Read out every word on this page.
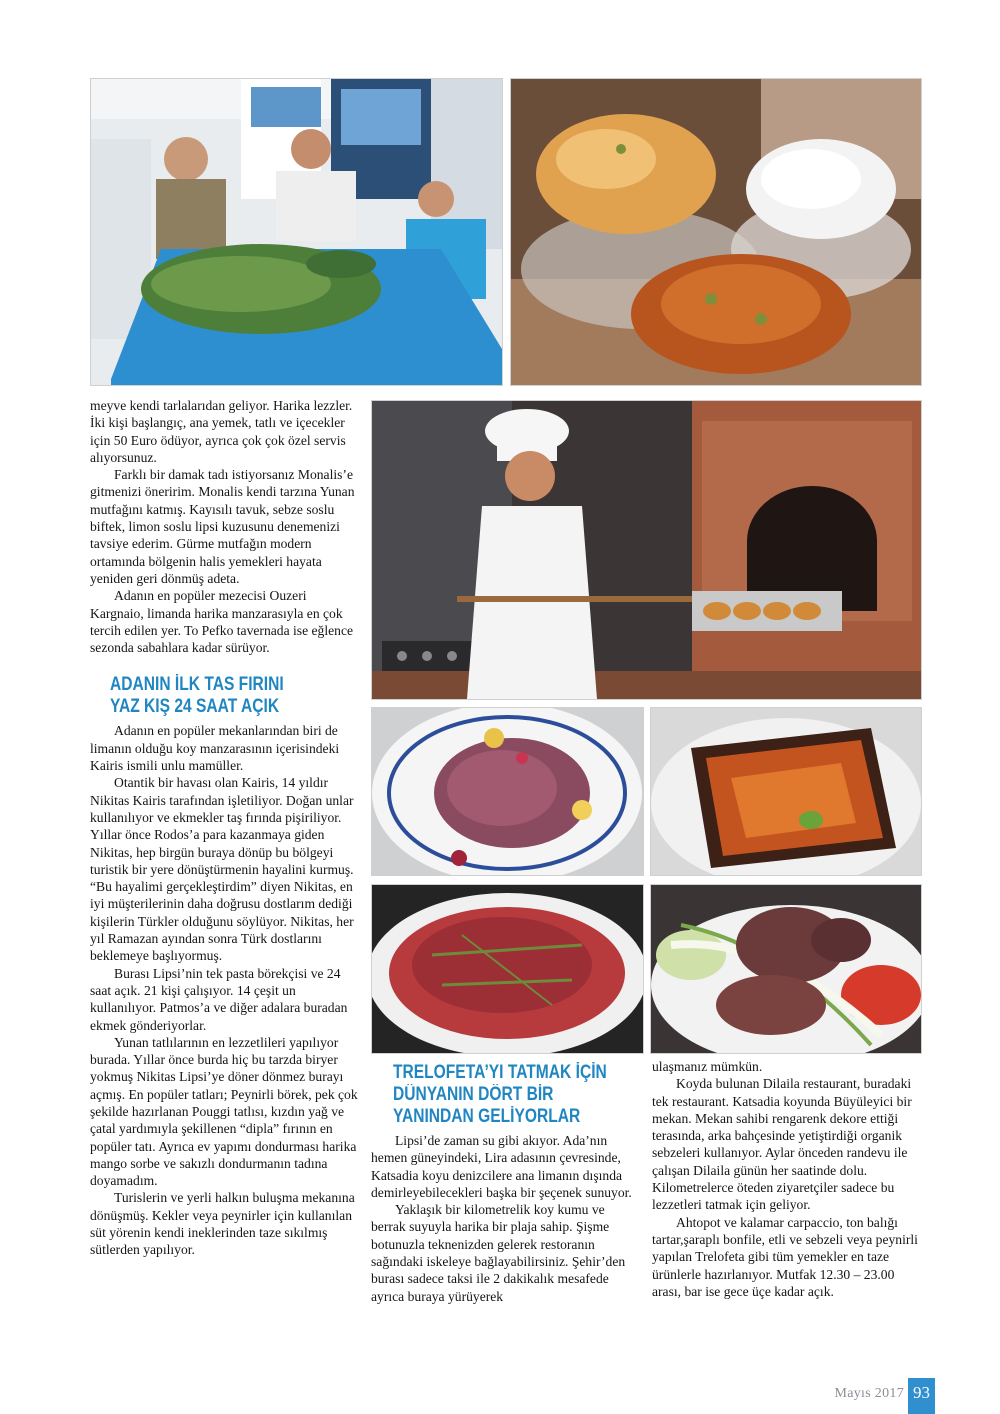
meyve kendi tarlalarıdan geliyor. Harika lezzler. İki kişi başlangıç, ana yemek, tatlı ve içecekler için 50 Euro ödüyor, ayrıca çok çok özel servis alıyorsunuz.

Farklı bir damak tadı istiyorsanız Monalis’e gitmenizi öneririm. Monalis kendi tarzına Yunan mutfağını katmış. Kayısılı tavuk, sebze soslu biftek, limon soslu lipsi kuzusunu denemenizi tavsiye ederim. Gürme mutfağın modern ortamında bölgenin halis yemekleri hayata yeniden geri dönmüş adeta.

Adanın en popüler mezecisi Ouzeri Kargnaio, limanda harika manzarasıyla en çok tercih edilen yer. To Pefko tavernada ise eğlence sezonda sabahlara kadar sürüyor.

ADANIN İLK TAS FIRINI

YAZ KIŞ 24 SAAT AÇIK

Adanın en popüler mekanlarından biri de limanın olduğu koy manzarasının içerisindeki Kairis ismili unlu mamüller.

Otantik bir havası olan Kairis, 14 yıldır Nikitas Kairis tarafından işletiliyor. Doğan unlar kullanılıyor ve ekmekler taş fırında pişiriliyor. Yıllar önce Rodos’a para kazanmaya giden Nikitas, hep birgün buraya dönüp bu bölgeyi turistik bir yere dönüştürmenin hayalini kurmuş. “Bu hayalimi gerçekleştirdim” diyen Nikitas, en iyi müşterilerinin daha doğrusu dostlarım dediği kişilerin Türkler olduğunu söylüyor. Nikitas, her yıl Ramazan ayından sonra Türk dostlarını beklemeye başlıyormuş.

Burası Lipsi’nin tek pasta börekçisi ve 24 saat açık. 21 kişi çalışıyor. 14 çeşit un kullanılıyor. Patmos’a ve diğer adalara buradan ekmek gönderiyorlar.

Yunan tatlılarının en lezzetlileri yapılıyor burada. Yıllar önce burda hiç bu tarzda biryer yokmuş Nikitas Lipsi’ye döner dönmez burayı açmış. En popüler tatları; Peynirli börek, pek çok şekilde hazırlanan Pouggi tatlısı, kızdın yağ ve çatal yardımıyla şekillenen “dipla” fırının en popüler tatı. Ayrıca ev yapımı dondurması harika mango sorbe ve sakızlı dondurmanın tadına doyamadım.

Turislerin ve yerli halkın buluşma mekanına dönüşmüş. Kekler veya peynirler için kullanılan süt yörenin kendi ineklerinden taze sıkılmış sütlerden yapılıyor.

TRELOFETA’YI TATMAK İÇİN

DÜNYANIN DÖRT BİR

YANINDAN GELİYORLAR

Lipsi’de zaman su gibi akıyor. Ada’nın hemen güneyindeki, Lira adasının çevresinde, Katsadia koyu denizcilere ana limanın dışında demirleyebilecekleri başka bir şeçenek sunuyor.

Yaklaşık bir kilometrelik koy kumu ve berrak suyuyla harika bir plaja sahip. Şişme botunuzla teknenizden gelerek restoranın sağındaki iskeleye bağlayabilirsiniz. Şehir’den burası sadece taksi ile 2 dakikalık mesafede ayrıca buraya yürüyerek

ulaşmanız mümkün.

Koyda bulunan Dilaila restaurant, buradaki tek restaurant. Katsadia koyunda Büyüleyici bir mekan. Mekan sahibi rengarenk dekore ettiği terasında, arka bahçesinde yetiştirdiği organik sebzeleri kullanıyor. Aylar önceden randevu ile çalışan Dilaila günün her saatinde dolu. Kilometrelerce öteden ziyaretçiler sadece bu lezzetleri tatmak için geliyor.

Ahtopot ve kalamar carpaccio, ton balığı tartar,şaraplı bonfile, etli ve sebzeli veya peynirli yapılan Trelofeta gibi tüm yemekler en taze ürünlerle hazırlanıyor. Mutfak 12.30 – 23.00 arası, bar ise gece üçe kadar açık.

Mayıs 2017 93
